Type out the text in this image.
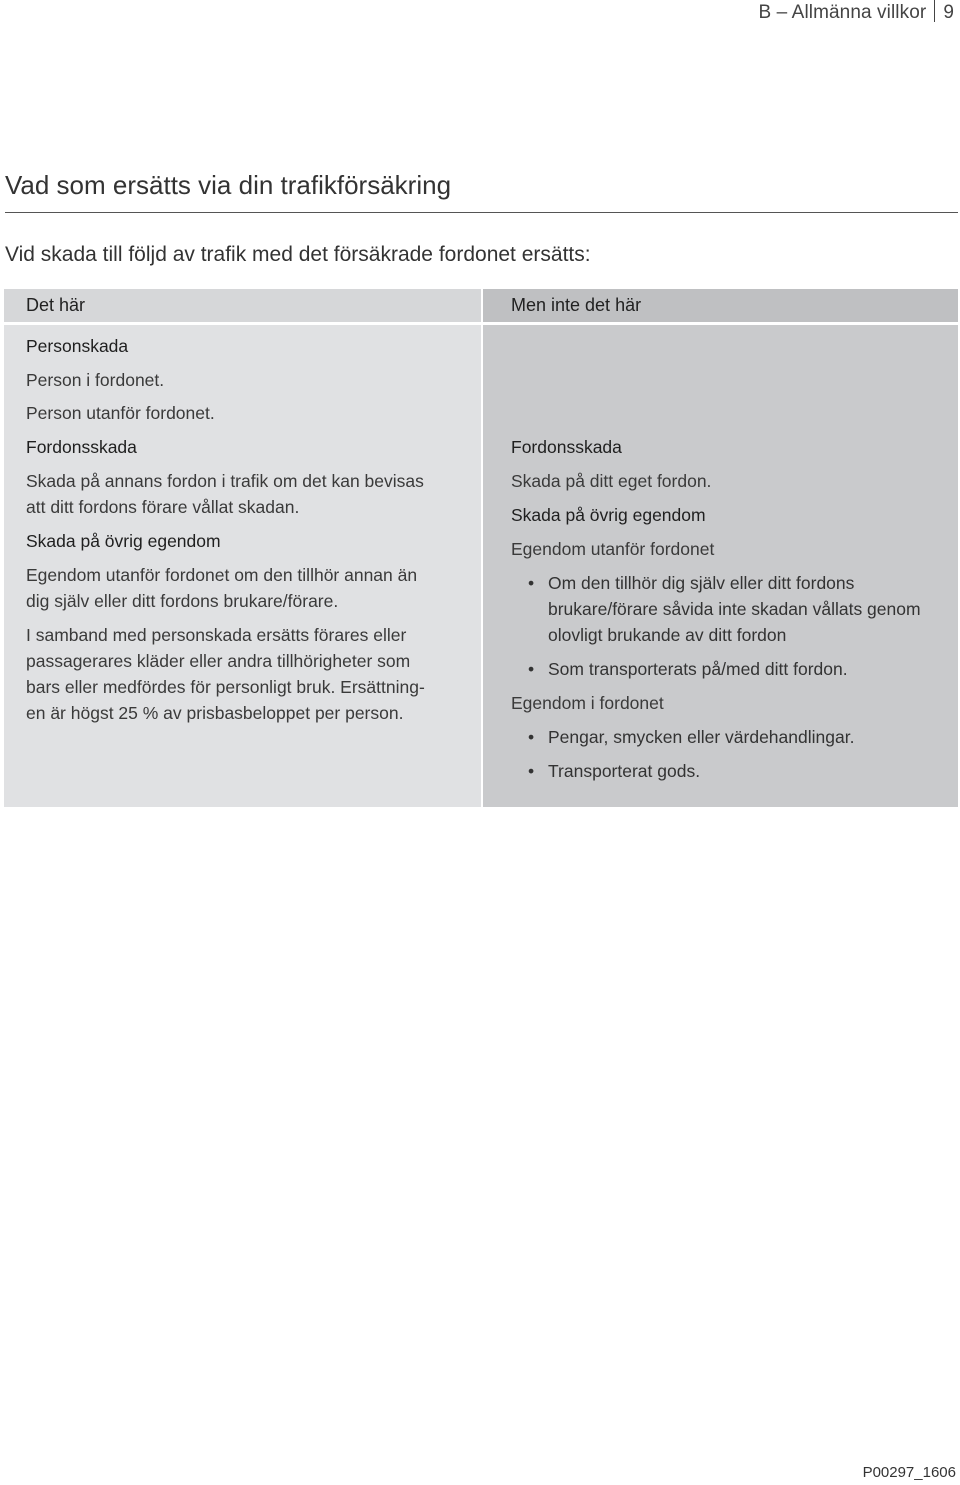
B – Allmänna villkor 9
Vad som ersätts via din trafikförsäkring

Vid skada till följd av trafik med det försäkrade fordonet ersätts:

Det här

Personskada

Person i fordonet.

Person utanför fordonet.

Fordonsskada

Skada på annans fordon i trafik om det kan bevisas

att ditt fordons förare vållat skadan.

Skada på övrig egendom

Egendom utanför fordonet om den tillhör annan än

dig själv eller ditt fordons brukare/förare.

I samband med personskada ersätts förares eller

passagerares kläder eller andra tillhörigheter som

bars eller medfördes för personligt bruk. Ersättning-

en är högst 25 % av prisbasbeloppet per person.

Men inte det här

Fordonsskada

Skada på ditt eget fordon.

Skada på övrig egendom

Egendom utanför fordonet

• Om den tillhör dig själv eller ditt fordons
brukare/förare såvida inte skadan vållats genom
olovligt brukande av ditt fordon
• Som transporterats på/med ditt fordon.

Egendom i fordonet

• Pengar, smycken eller värdehandlingar.
• Transporterat gods.
P00297_1606
